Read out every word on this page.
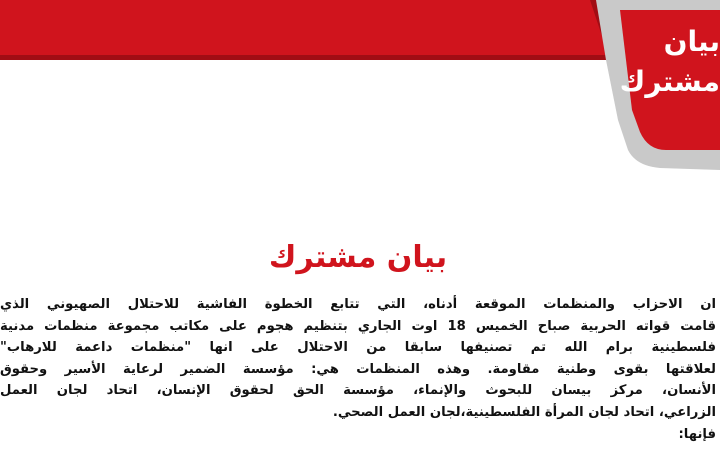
بيان
مشترك
بيان مشترك
ان الاحزاب والمنظمات الموقعة أدناه، التي تتابع الخطوة الفاشية للاحتلال الصهيوني الذي
قامت قواته الحربية صباح الخميس 18 اوت الجاري بتنظيم هجوم على مكاتب مجموعة منظمات مدنية
فلسطينية برام الله تم تصنيفها سابقا من الاحتلال على انها "منظمات داعمة للارهاب"
لعلاقتها بقوى وطنية مقاومة. وهذه المنظمات هي: مؤسسة الضمير لرعاية الأسير وحقوق
الأنسان، مركز بيسان للبحوث والإنماء، مؤسسة الحق لحقوق الإنسان، اتحاد لجان العمل
الزراعي، اتحاد لجان المرأة الفلسطينية،لجان العمل الصحي.
فإنها:
